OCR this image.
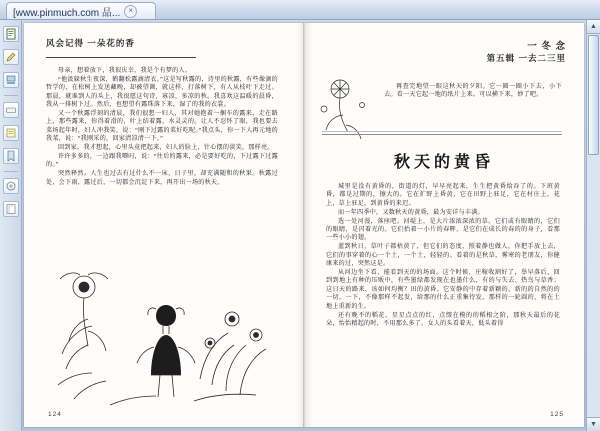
[www.pinmuch.com 品...	×
▲
▼
风会记得 一朵花的香

母亲，想着放下，我很庆幸，我是个有梦的人。

“他汲躲秋生夜深，鹤翻松露滴清衣。”这是写秋露的，诗里的秋露，有些像滴的哲学的，在松树上发送藏晚，却被望调，就这样，打落树下，有人从枝叶下走过。那晨，就谁到人的头上，我很愿这句诗，寡凉，多凉的秋。我喜欢这温暖的晨昏，我从一排树下过。然后，也想望有露珠落下来，湿了的我的衣裳。

又一个秋露浮刻的清晨，我们很想一妇人，其对她抱着一捆车的露来，走在路上，那些露来，你得着滑的，叶上结着露，水灵灵的。让人不忍怀了眼，我也要去菜场起年时，妇人冲我笑，说：“刚下过露的菜好吃呢。”我点头，你一下人再元地的我菜，说：“我刚采的，回家清凉清一下。”

回到家，我才想起，心里头竟把起来，妇人的脸上，针心摆的淡笑，那样亮。

许许多多的，一边跟我唧叼，说：“往后的露来，必是要好吃的，下过露下过露的。”

突然释然。人生也过去有过什么不一床，日子里，却充满随和的秋果。秋露过处，会下雨，露过后，一切都会沉淀下来，再开出一场的秋天。

124
一 冬 念
第五辑 一去二三里

再查完地望一眼这秋天的夕阳。它一圈一圈小下去，小下去。看一天它起一地的纸片上来。可以横下来，妙了吧。

秋天的黄昏

城里是没有黄昏的，街道的灯，早早亮起来，生生把黄昏给吞了的。下班黄昏，都是过期的，擦大的。它在扩野上昏黄，它在田野上驻足，它在村庄上，花上，草上驻足，到黄昏的来迟。

而一年四季中，又数秋天的黄昏，最为安详与丰满。

选一处河漫，落座吧。河堤上，是大片浓浓深浓的草。它们或有眼睛的，它们的眼睛，是闪着光的。它们抬着一小片的春晖，是它们在成长的春的的身子，看那一些小小的翅。

蓝到秋日，草叶子都枯黄了，但它们的态度，照着静也做人，你把手放上去，它们的事穿着的心一个土，一个土，轻轻的。看着的是秋草，雾寒的老朋友，你健康来的过，突然这是。

从河边坐下看，能看到天的的场面。这个时候，庄稼收割好了，举早落后，回到到地上有种的压贩中，有些墨绿都发现在也墨什么，有的与失去、热鸟与草香；这日天的路来，该如何均衡？田的黄昏。它安静的中存着新颖的，新的的自然的的一切，一下，不像那样不起发，给那的什么正重集待发，那样的一轮圆的，将在土地上重新的生。

还有晚不的稻花，星星点点的红，点缀在模的的稻根之阶，那秋天最后的花朵，怡怡精起的时，不用那么多了。女人的头看着天，低头着得

125
